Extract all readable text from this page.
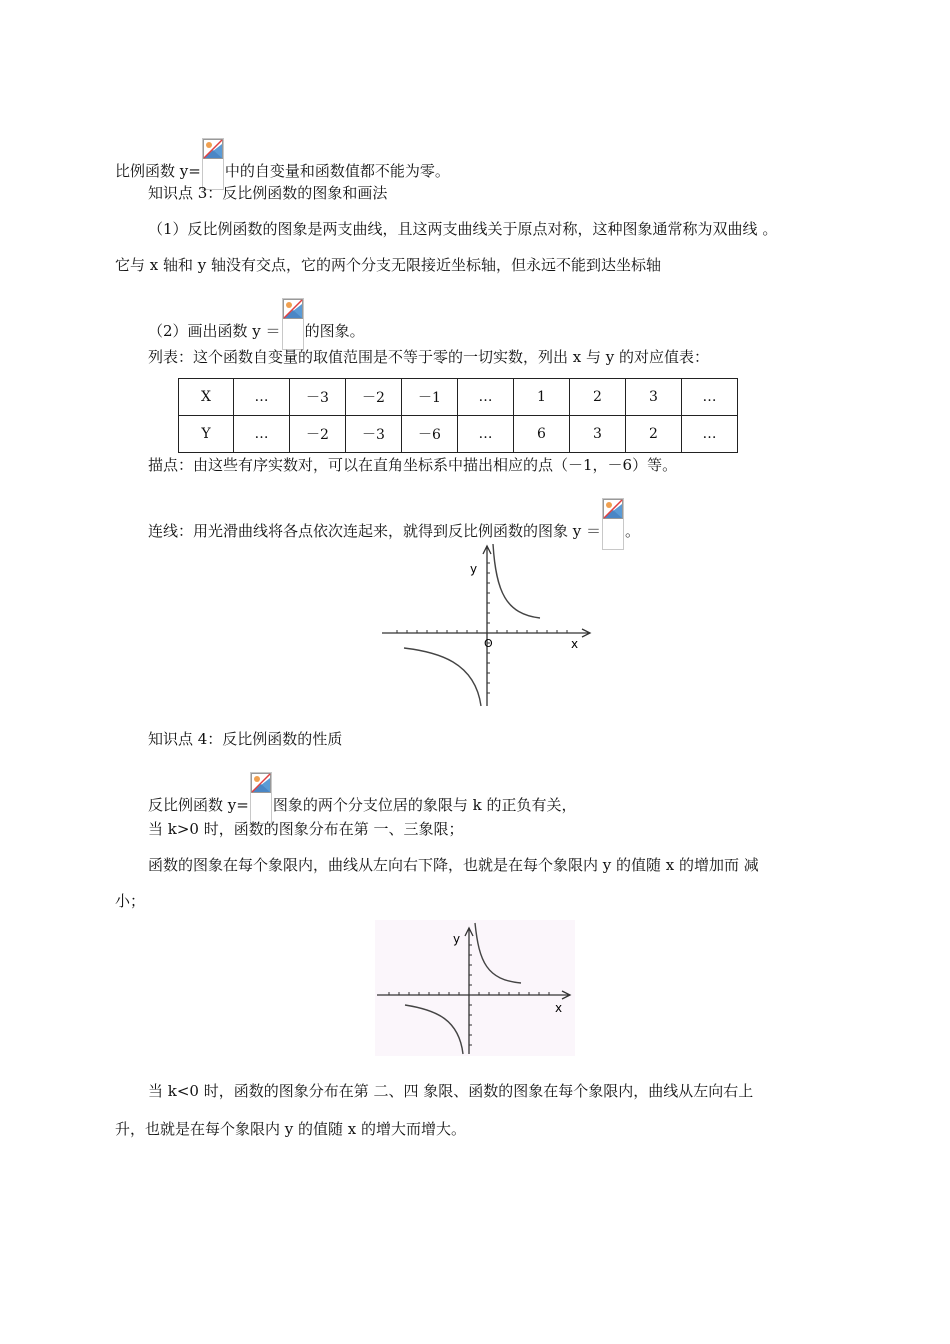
比例函数 y= 中的自变量和函数值都不能为零。
知识点 3：反比例函数的图象和画法
（1）反比例函数的图象是两支曲线，且这两支曲线关于原点对称，这种图象通常称为双曲线 。
它与 x 轴和 y 轴没有交点，它的两个分支无限接近坐标轴，但永远不能到达坐标轴
（2）画出函数 y ＝ 的图象。
列表：这个函数自变量的取值范围是不等于零的一切实数，列出 x 与 y 的对应值表：
X	…	－3	－2	－1	…	1	2	3	…
Y	…	－2	－3	－6	…	6	3	2	…
描点：由这些有序实数对，可以在直角坐标系中描出相应的点（－1，－6）等。
连线：用光滑曲线将各点依次连起来，就得到反比例函数的图象 y ＝ 。
y
x
O
知识点 4：反比例函数的性质
反比例函数 y= 图象的两个分支位居的象限与 k 的正负有关，
当 k>0 时，函数的图象分布在第 一、三象限；
函数的图象在每个象限内，曲线从左向右下降，也就是在每个象限内 y 的值随 x 的增加而 减
小；
y
x
当 k<0 时，函数的图象分布在第 二、四 象限、函数的图象在每个象限内，曲线从左向右上
升，也就是在每个象限内 y 的值随 x 的增大而增大。
